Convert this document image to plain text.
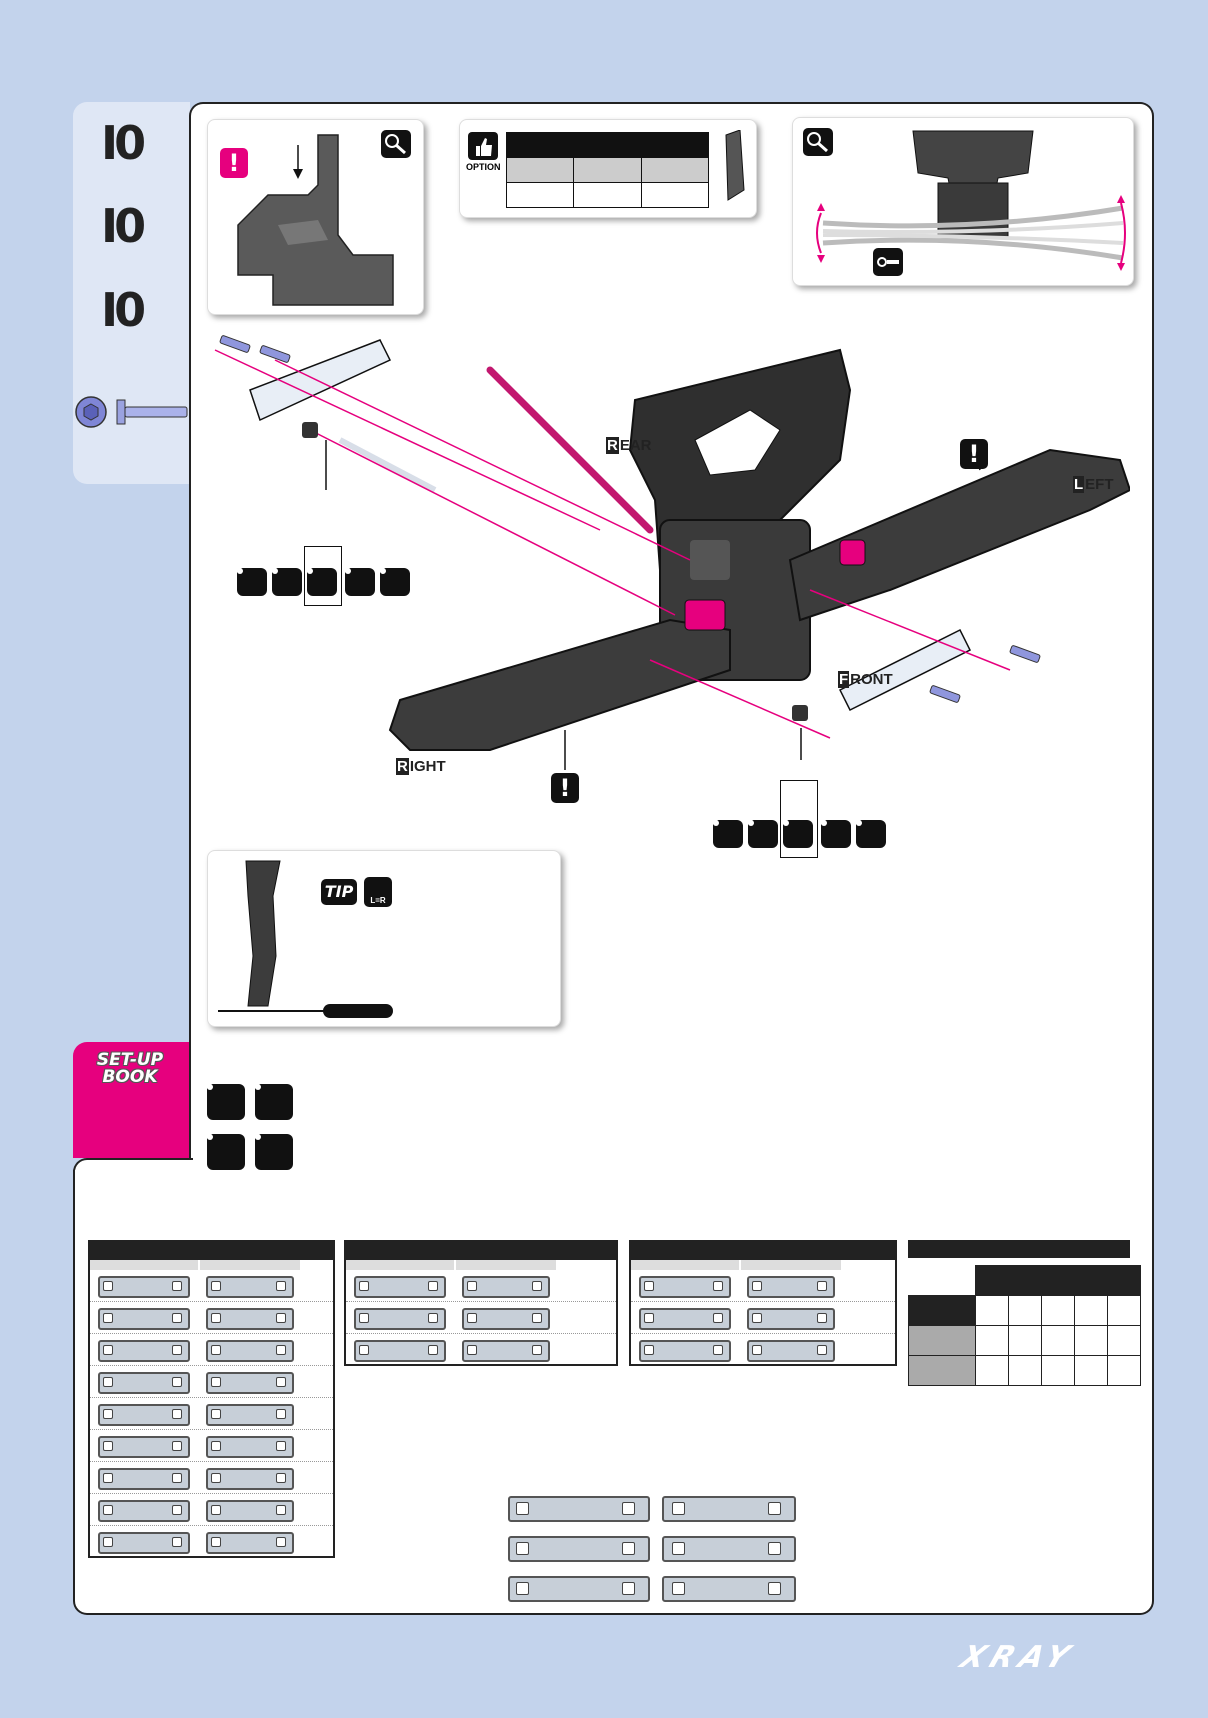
I0
I0
I0
SET-UP
BOOK
!	OPTION

R EAR
L EFT
F RONT
R IGHT
!
!
TIP	L=R

XRAY
